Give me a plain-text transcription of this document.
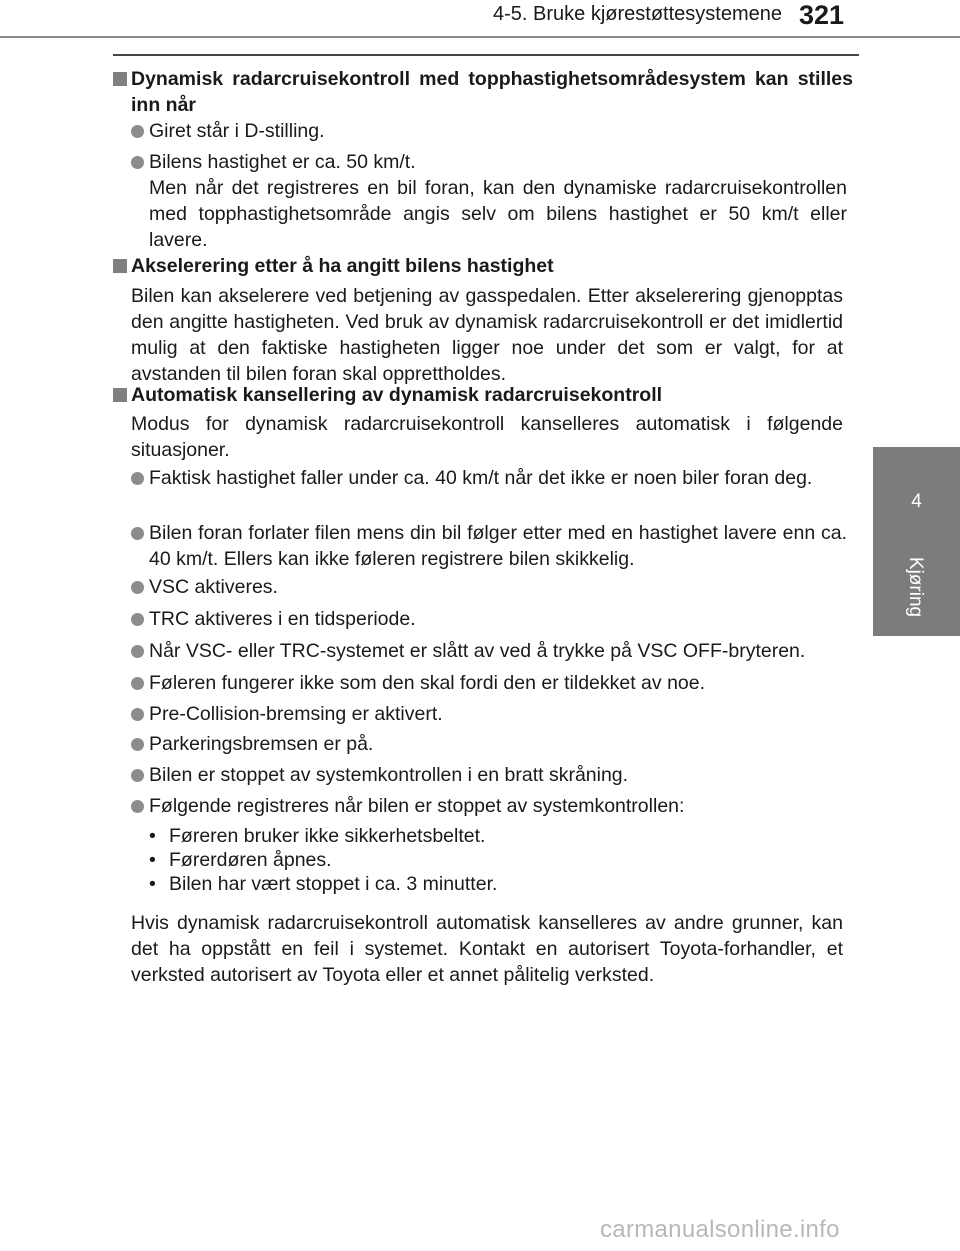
4-5. Bruke kjørestøttesystemene 321
4
Kjøring
Dynamisk radarcruisekontroll med topphastighetsområdesystem kan stilles inn når
Giret står i D-stilling.
Bilens hastighet er ca. 50 km/t.
Men når det registreres en bil foran, kan den dynamiske radarcruisekontrollen med topphastighetsområde angis selv om bilens hastighet er 50 km/t eller lavere.
Akselerering etter å ha angitt bilens hastighet
Bilen kan akselerere ved betjening av gasspedalen. Etter akselerering gjenopptas den angitte hastigheten. Ved bruk av dynamisk radarcruisekontroll er det imidlertid mulig at den faktiske hastigheten ligger noe under det som er valgt, for at avstanden til bilen foran skal opprettholdes.
Automatisk kansellering av dynamisk radarcruisekontroll
Modus for dynamisk radarcruisekontroll kanselleres automatisk i følgende situasjoner.
Faktisk hastighet faller under ca. 40 km/t når det ikke er noen biler foran deg.
Bilen foran forlater filen mens din bil følger etter med en hastighet lavere enn ca. 40 km/t. Ellers kan ikke føleren registrere bilen skikkelig.
VSC aktiveres.
TRC aktiveres i en tidsperiode.
Når VSC- eller TRC-systemet er slått av ved å trykke på VSC OFF-bryteren.
Føleren fungerer ikke som den skal fordi den er tildekket av noe.
Pre-Collision-bremsing er aktivert.
Parkeringsbremsen er på.
Bilen er stoppet av systemkontrollen i en bratt skråning.
Følgende registreres når bilen er stoppet av systemkontrollen:
• Føreren bruker ikke sikkerhetsbeltet.
• Førerdøren åpnes.
• Bilen har vært stoppet i ca. 3 minutter.
Hvis dynamisk radarcruisekontroll automatisk kanselleres av andre grunner, kan det ha oppstått en feil i systemet. Kontakt en autorisert Toyota-forhandler, et verksted autorisert av Toyota eller et annet pålitelig verksted.
carmanualsonline.info
